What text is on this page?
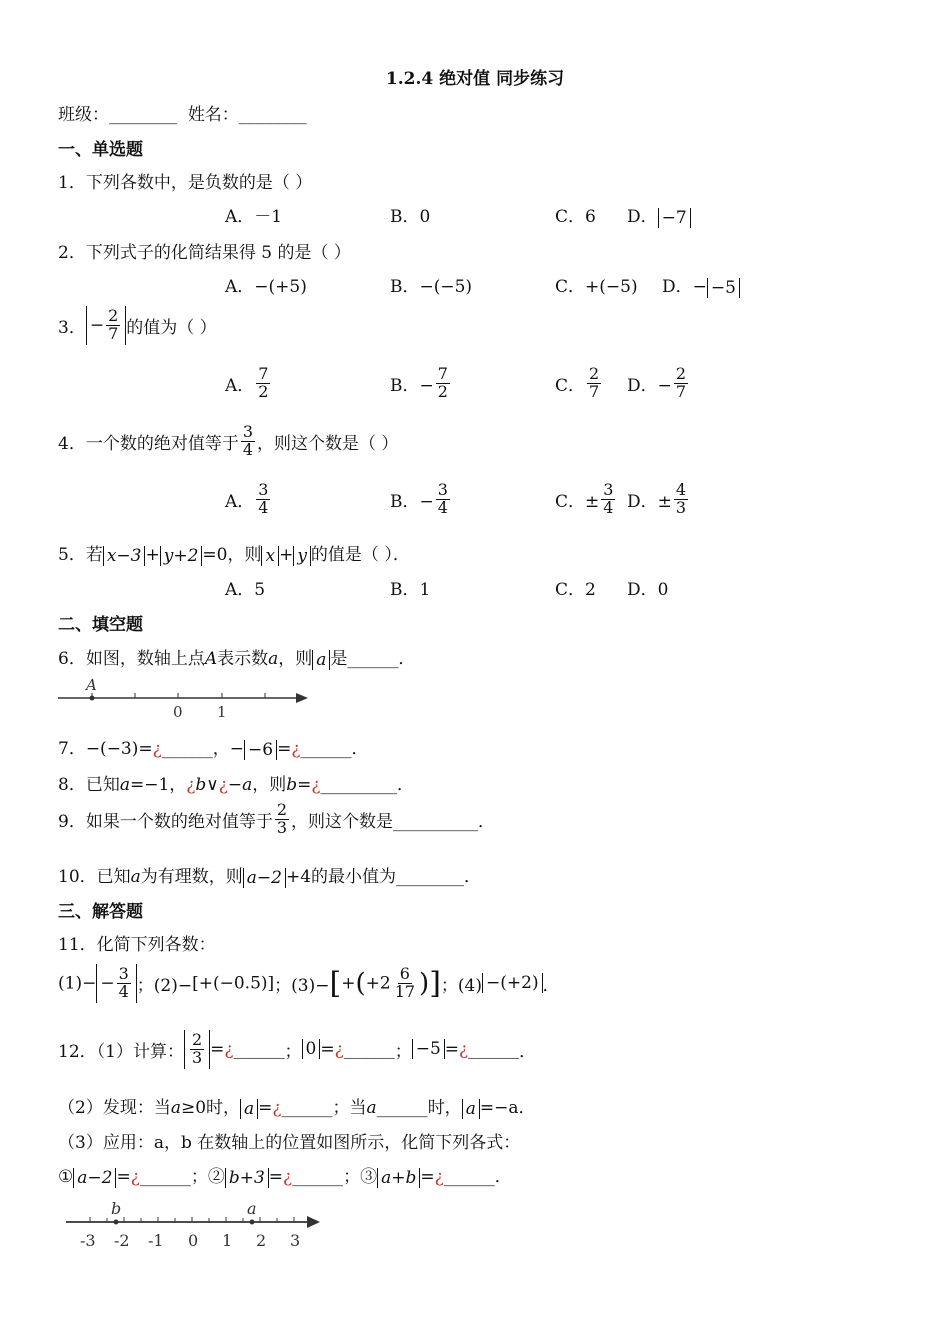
1.2.4 绝对值 同步练习
班级：________ 姓名：________
一、单选题
1．下列各数中，是负数的是（ ）
A．－1	B．0	C．6 D． −7
2．下列式子的化简结果得 5 的是（ ）
A．−(+5)	B．−(−5)	C．+(−5) D．− −5
3． − $\frac{2}{7}$ 的值为（ ）
A． $\frac{7}{2}$	B．− $\frac{7}{2}$	C． $\frac{2}{7}$ D．− $\frac{2}{7}$
4．一个数的绝对值等于 $\frac{3}{4}$ ，则这个数是（ ）
A． $\frac{3}{4}$	B．− $\frac{3}{4}$	C．± $\frac{3}{4}$ D．± $\frac{4}{3}$
5．若 x−3 + y+2 =0，则 x + y 的值是（ ）．
A．5	B．1	C．2 D．0
二、填空题
6．如图，数轴上点A表示数a，则 a 是______．
A
0 1
7．−(−3)=¿______，− −6 =¿______．
8．已知a=−1，¿b∨¿−a，则b=¿_________．
9．如果一个数的绝对值等于 $\frac{2}{3}$ ，则这个数是__________．
10．已知a为有理数，则 a−2 +4的最小值为________．
三、解答题
11．化简下列各数：
$(1)- - \frac{3}{4}$ ；(2)−[+(−0.5)]；$(3)-[+(+2 \frac{6}{17}$ )]；(4) −(+2) ．
12．（1）计算： $\frac{2}{3}$ =¿______； 0 =¿______； −5 =¿______．
（2）发现：当a≥0时， a =¿______；当a______时， a =−a．
（3）应用：a，b 在数轴上的位置如图所示，化简下列各式：
① a−2 =¿______；② b+3 =¿______；③ a+b =¿______．
b	a
-3 -2 -1 0 1 2 3
